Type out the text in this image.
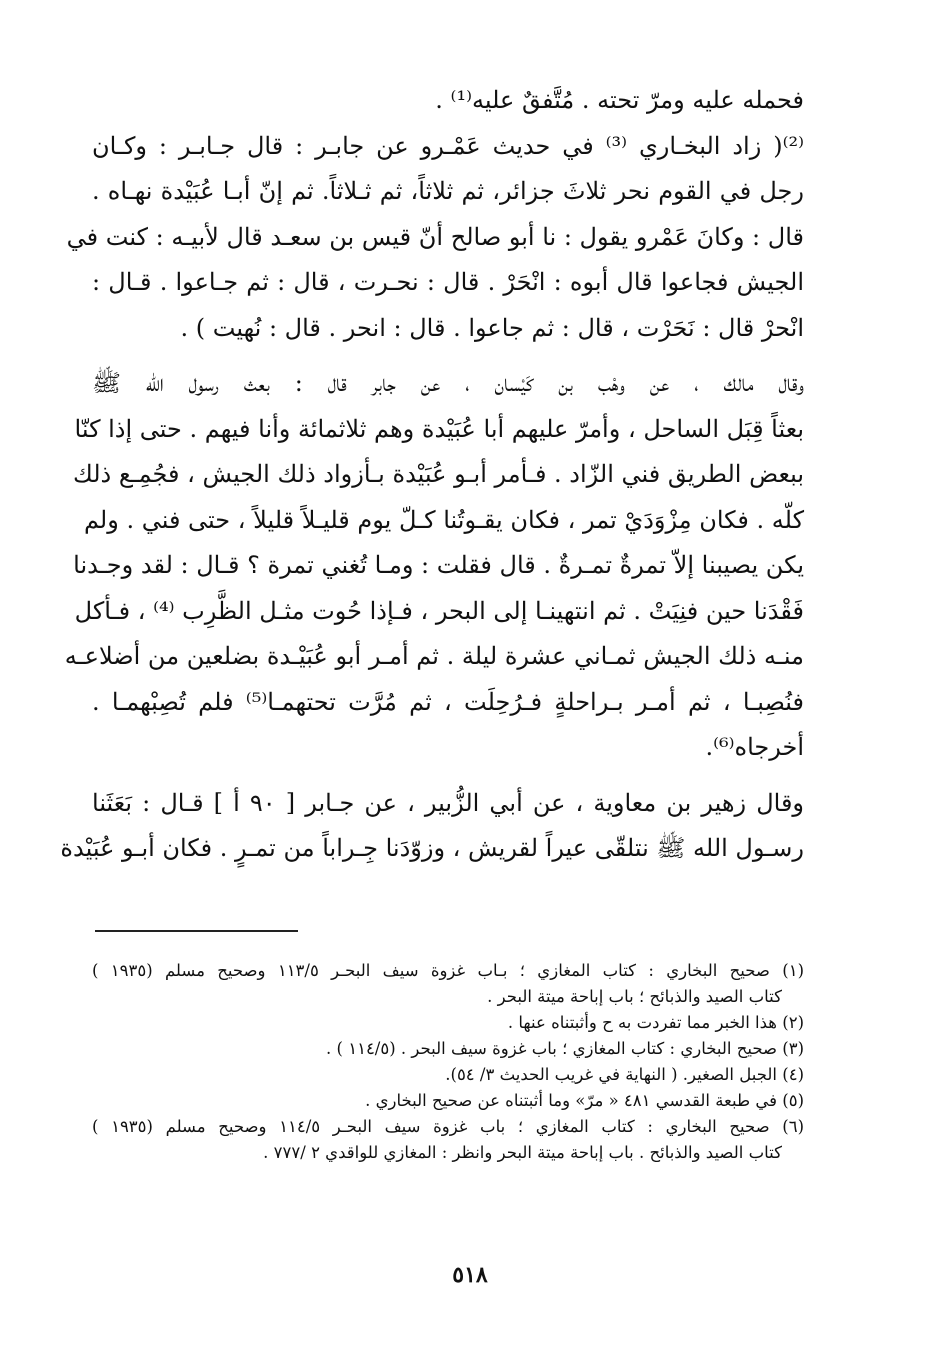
فحمله عليه ومرّ تحته . مُتَّفقٌ عليه⁽¹⁾ .

⁽²⁾( زاد البخـاري ⁽³⁾ في حديث عَمْـرو عن جابـر : قال جـابـر : وكـان
رجل في القوم نحر ثلاثَ جزائر، ثم ثلاثاً، ثم ثـلاثاً. ثم إنّ أبـا عُبَيْدة نهـاه .
قال : وكانَ عَمْرو يقول : نا أبو صالح أنّ قيس بن سعـد قال لأبيـه : كنت في
الجيش فجاعوا قال أبوه : انْحَرْ . قال : نحـرت ، قال : ثم جـاعوا . قـال :
انْحرْ قال : نَحَرْت ، قال : ثم جاعوا . قال : انحر . قال : نُهيت ) .

وقال مالك ، عن وهْب بن كَيْسان ، عن جابر قال : بعث رسول الله ﷺ
بعثاً قِبَل الساحل ، وأمرّ عليهم أبا عُبَيْدة وهم ثلاثمائة وأنا فيهم . حتى إذا كنّا
ببعض الطريق فني الزّاد . فـأمر أبـو عُبَيْدة بـأزواد ذلك الجيش ، فجُمِـع ذلك
كلّه . فكان مِزْوَدَيْ تمر ، فكان يقـوتُنا كـلّ يوم قليـلاً قليلاً ، حتى فني . ولم
يكن يصيبنا إلاّ تمرةٌ تمـرةٌ . قال فقلت : ومـا تُغني تمرة ؟ قـال : لقد وجـدنا
فَقْدَنا حين فنِيَتْ . ثم انتهينـا إلى البحر ، فـإذا حُوت مثـل الظَّرِب ⁽⁴⁾ ، فـأكل
منـه ذلك الجيش ثمـاني عشرة ليلة . ثم أمـر أبو عُبَيْـدة بضلعين من أضلاعـه
فنُصِبـا ، ثم أمـر بـراحلةٍ فـرُحِلَت ، ثم مُرَّت تحتهمـا⁽⁵⁾ فلم تُصِبْهمـا .
أخرجاه⁽⁶⁾.

وقال زهير بن معاوية ، عن أبي الزُّبير ، عن جـابر [ ٩٠ أ ] قـال : بَعَثَنا
رسـول الله ﷺ نتلقّى عيراً لقريش ، وزوّدَنا جِـراباً من تمـرٍ . فكان أبـو عُبَيْدة

(١) صحيح البخاري : كتاب المغازي ؛ بـاب غزوة سيف البحـر ١١٣/٥ وصحيح مسلم (١٩٣٥ )
كتاب الصيد والذبائح ؛ باب إباحة ميتة البحر .
(٢) هذا الخبر مما تفردت به ح وأثبتناه عنها .
(٣) صحيح البخاري : كتاب المغازي ؛ باب غزوة سيف البحر . (١١٤/٥ ) .
(٤) الجبل الصغير. ( النهاية في غريب الحديث ٣/ ٥٤).
(٥) في طبعة القدسي ٤٨١ « مرّ» وما أثبتناه عن صحيح البخاري .
(٦) صحيح البخاري : كتاب المغازي ؛ باب غزوة سيف البحـر ١١٤/٥ وصحيح مسلم (١٩٣٥ )
كتاب الصيد والذبائح . باب إباحة ميتة البحر وانظر : المغازي للواقدي ٢ /٧٧٧ .
٥١٨
